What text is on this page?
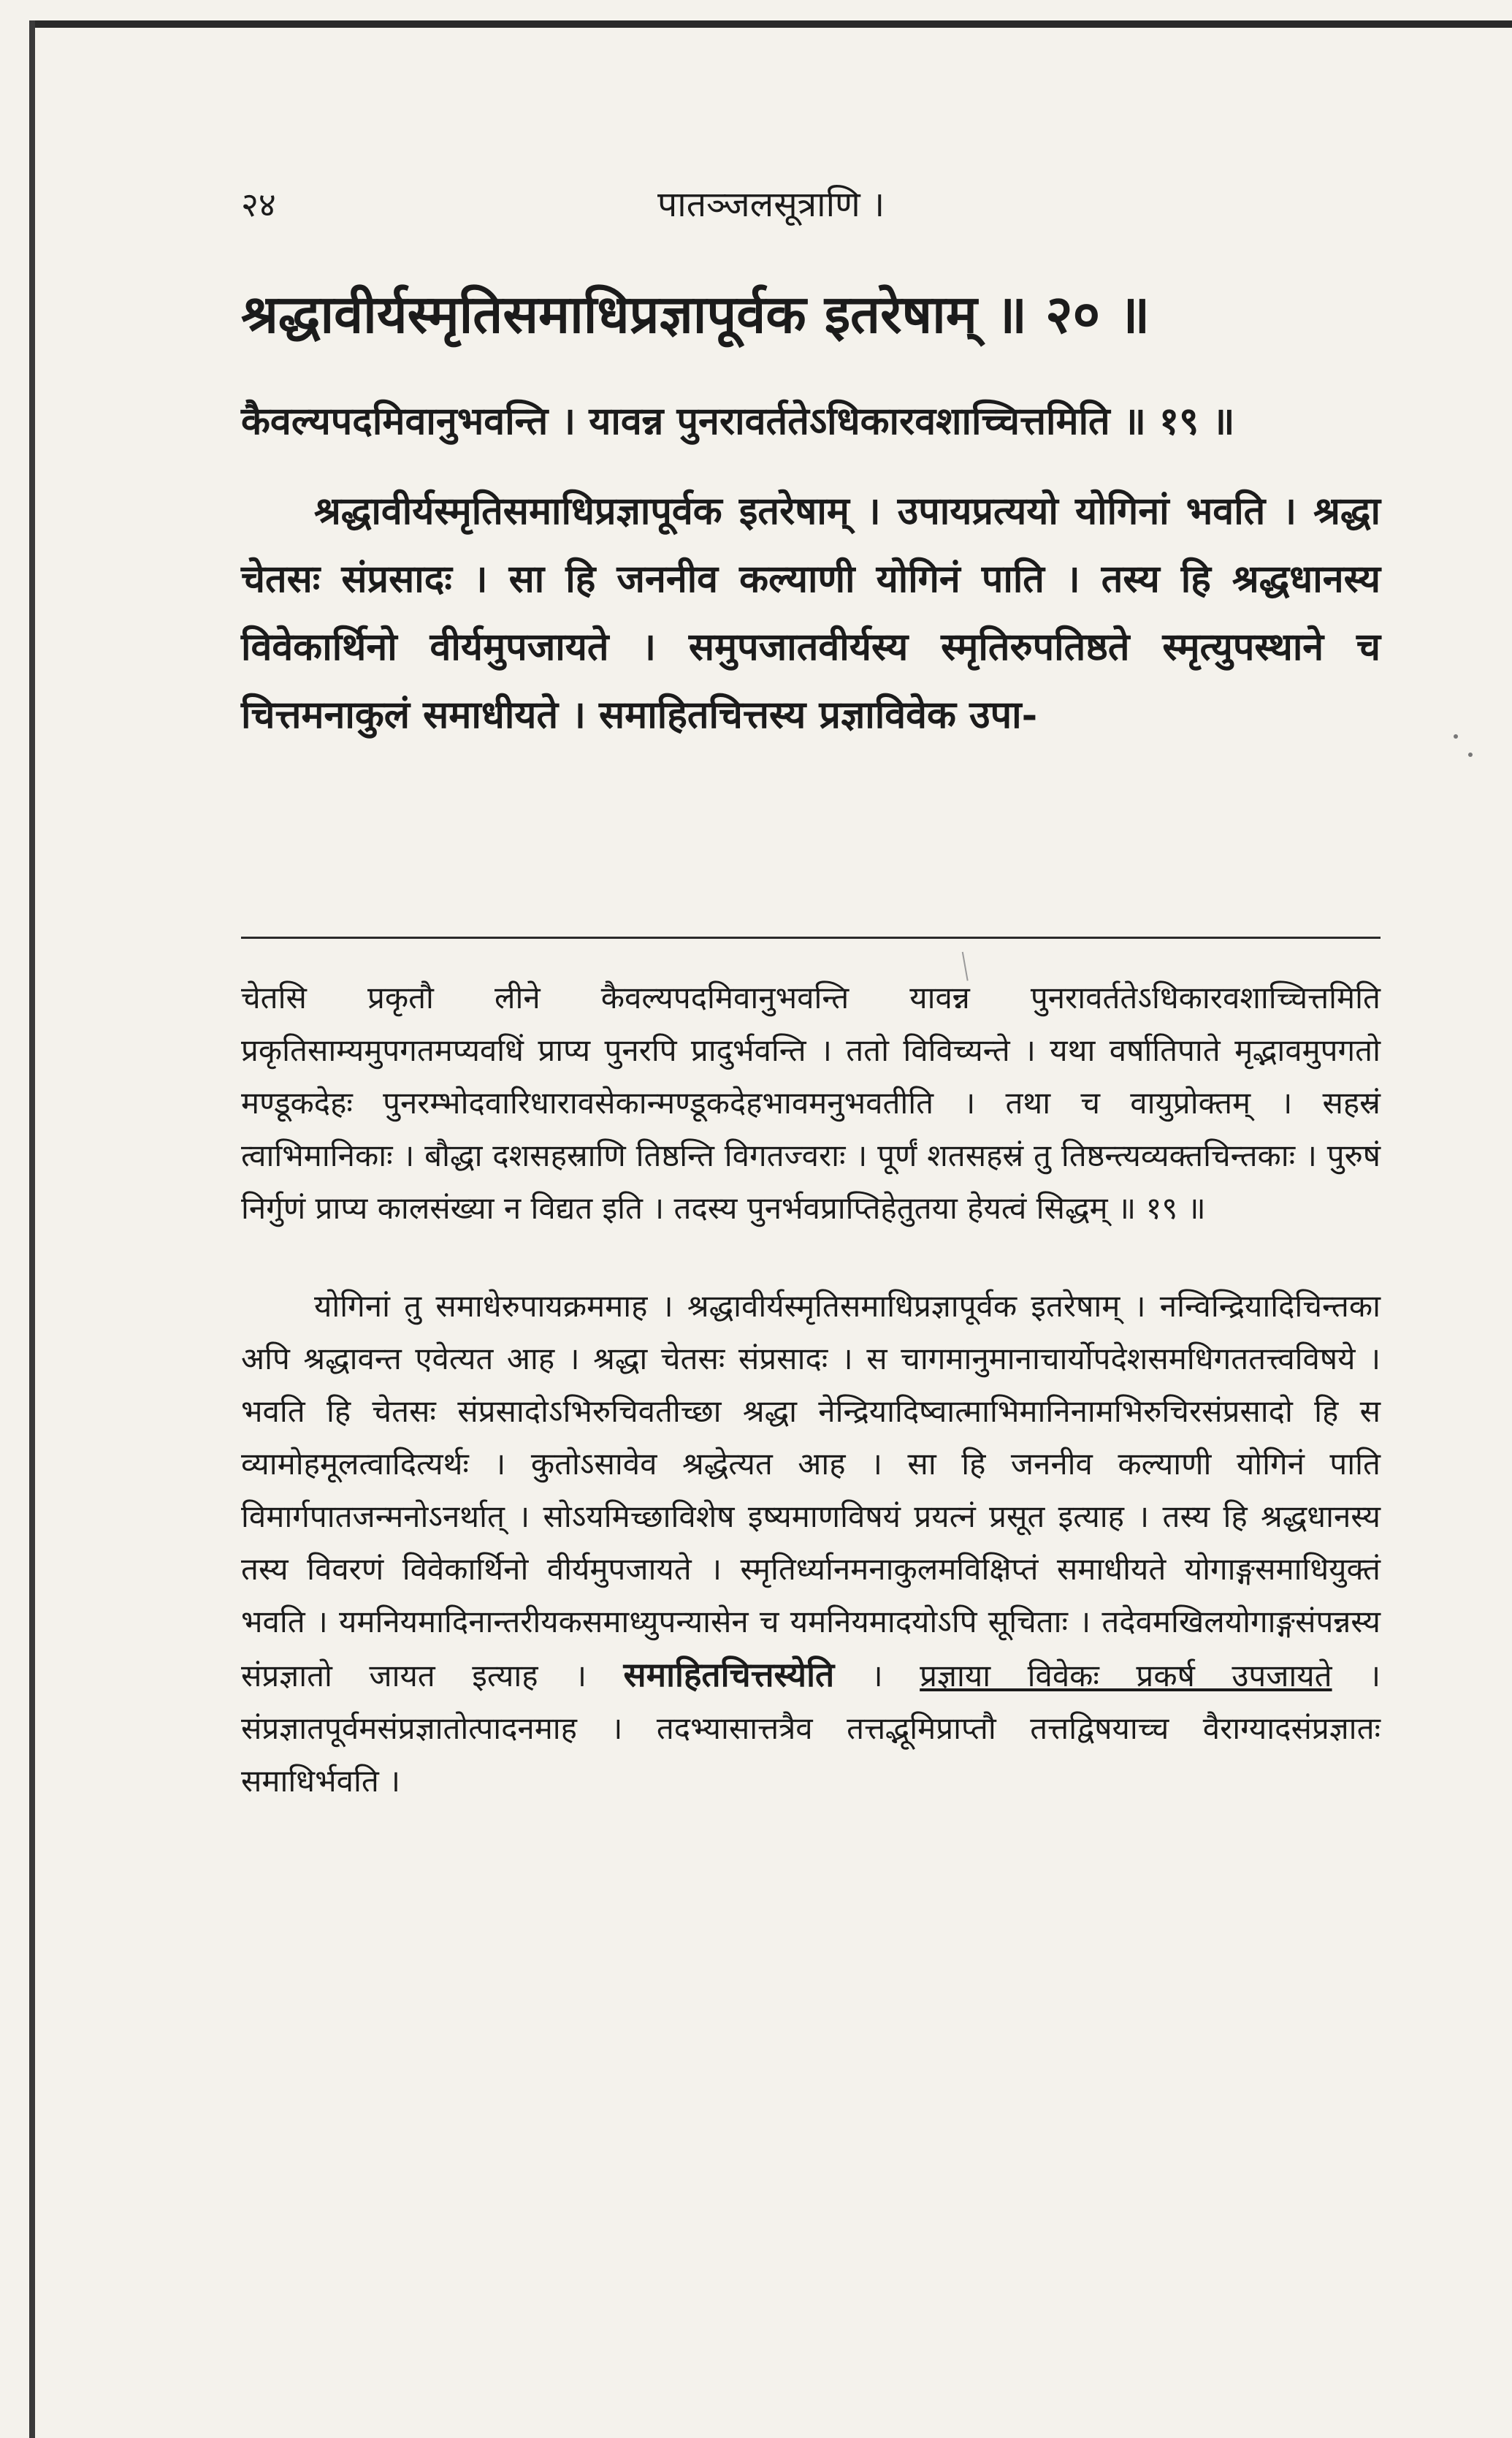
२४	पातञ्जलसूत्राणि ।
श्रद्धावीर्यस्मृतिसमाधिप्रज्ञापूर्वक इतरेषाम् ॥ २० ॥

कैवल्यपदमिवानुभवन्ति । यावन्न पुनरावर्ततेऽधिकारवशाच्चित्तमिति ॥ १९ ॥

श्रद्धावीर्यस्मृतिसमाधिप्रज्ञापूर्वक इतरेषाम् । उपायप्रत्ययो योगिनां भवति । श्रद्धा चेतसः संप्रसादः । सा हि जननीव कल्याणी योगिनं पाति । तस्य हि श्रद्धधानस्य विवेकार्थिनो वीर्यमुपजायते । समुपजातवीर्यस्य स्मृतिरुपतिष्ठते स्मृत्युपस्थाने च चित्तमनाकुलं समाधीयते । समाहितचित्तस्य प्रज्ञाविवेक उपा-

चेतसि प्रकृतौ लीने कैवल्यपदमिवानुभवन्ति यावन्न पुनरावर्ततेऽधिकारवशाच्चित्तमिति प्रकृतिसाम्यमुपगतमप्यवधिं प्राप्य पुनरपि प्रादुर्भवन्ति । ततो विविच्यन्ते । यथा वर्षातिपाते मृद्भावमुपगतो मण्डूकदेहः पुनरम्भोदवारिधारावसेकान्मण्डूकदेहभावमनुभवतीति । तथा च वायुप्रोक्तम् । सहस्रं त्वाभिमानिकाः । बौद्धा दशसहस्राणि तिष्ठन्ति विगतज्वराः । पूर्णं शतसहस्रं तु तिष्ठन्त्यव्यक्तचिन्तकाः । पुरुषं निर्गुणं प्राप्य कालसंख्या न विद्यत इति । तदस्य पुनर्भवप्राप्तिहेतुतया हेयत्वं सिद्धम् ॥ १९ ॥

योगिनां तु समाधेरुपायक्रममाह । श्रद्धावीर्यस्मृतिसमाधिप्रज्ञापूर्वक इतरेषाम् । नन्विन्द्रियादिचिन्तका अपि श्रद्धावन्त एवेत्यत आह । श्रद्धा चेतसः संप्रसादः । स चागमानुमानाचार्योपदेशसमधिगततत्त्वविषये । भवति हि चेतसः संप्रसादोऽभिरुचिवतीच्छा श्रद्धा नेन्द्रियादिष्वात्माभिमानिनामभिरुचिरसंप्रसादो हि स व्यामोहमूलत्वादित्यर्थः । कुतोऽसावेव श्रद्धेत्यत आह । सा हि जननीव कल्याणी योगिनं पाति विमार्गपातजन्मनोऽनर्थात् । सोऽयमिच्छाविशेष इष्यमाणविषयं प्रयत्नं प्रसूत इत्याह । तस्य हि श्रद्धधानस्य तस्य विवरणं विवेकार्थिनो वीर्यमुपजायते । स्मृतिर्ध्यानमनाकुलमविक्षिप्तं समाधीयते योगाङ्गसमाधियुक्तं भवति । यमनियमादिनान्तरीयकसमाध्युपन्यासेन च यमनियमादयोऽपि सूचिताः । तदेवमखिलयोगाङ्गसंपन्नस्य संप्रज्ञातो जायत इत्याह । समाहितचित्तस्येति । प्रज्ञाया विवेकः प्रकर्ष उपजायते । संप्रज्ञातपूर्वमसंप्रज्ञातोत्पादनमाह । तदभ्यासात्तत्रैव तत्तद्भूमिप्राप्तौ तत्तद्विषयाच्च वैराग्यादसंप्रज्ञातः समाधिर्भवति ।
